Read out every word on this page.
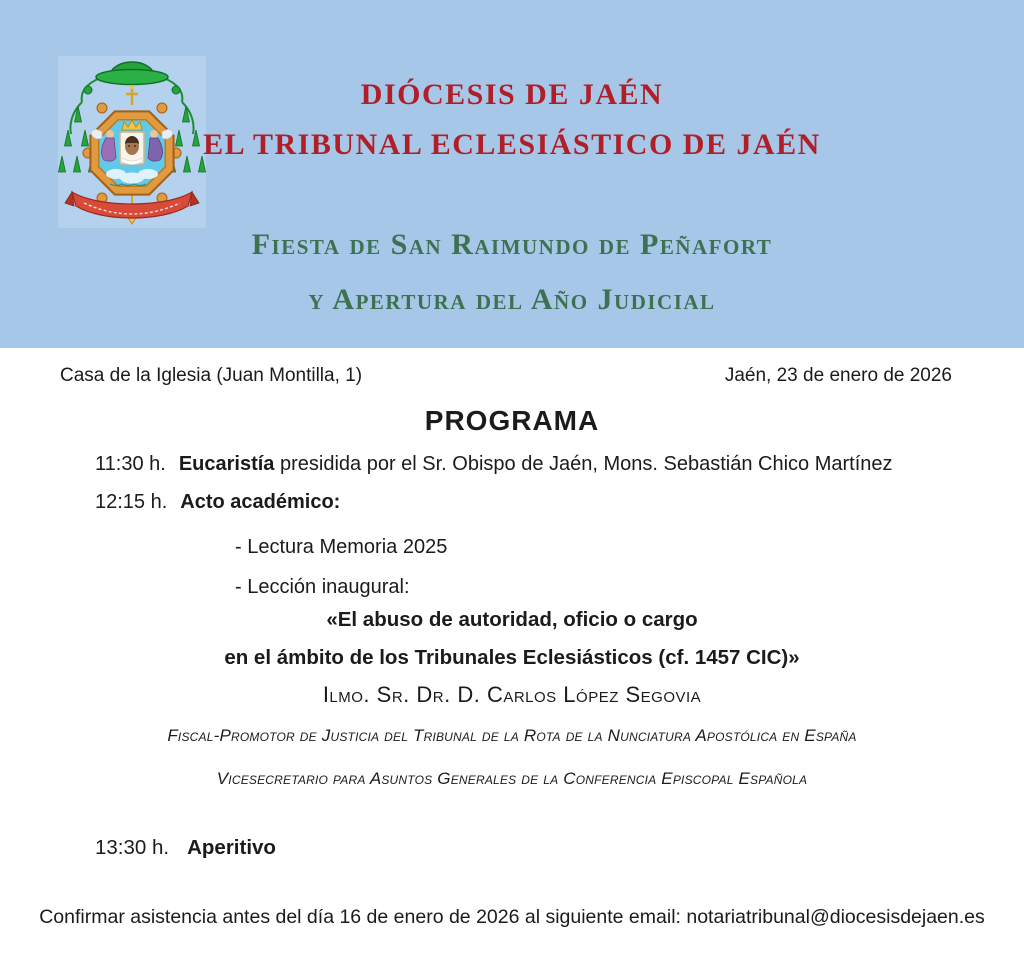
DIÓCESIS DE JAÉN
EL TRIBUNAL ECLESIÁSTICO DE JAÉN
Fiesta de San Raimundo de Peñafort
y Apertura del Año Judicial
Casa de la Iglesia (Juan Montilla, 1)	Jaén, 23 de enero de 2026
PROGRAMA
11:30 h. Eucaristía presidida por el Sr. Obispo de Jaén, Mons. Sebastián Chico Martínez
12:15 h. Acto académico:
- Lectura Memoria 2025
- Lección inaugural:
«El abuso de autoridad, oficio o cargo
en el ámbito de los Tribunales Eclesiásticos (cf. 1457 CIC)»
Ilmo. Sr. Dr. D. Carlos López Segovia
Fiscal-Promotor de Justicia del Tribunal de la Rota de la Nunciatura Apostólica en España
Vicesecretario para Asuntos Generales de la Conferencia Episcopal Española
13:30 h. Aperitivo
Confirmar asistencia antes del día 16 de enero de 2026 al siguiente email: notariatribunal@diocesisdejaen.es
